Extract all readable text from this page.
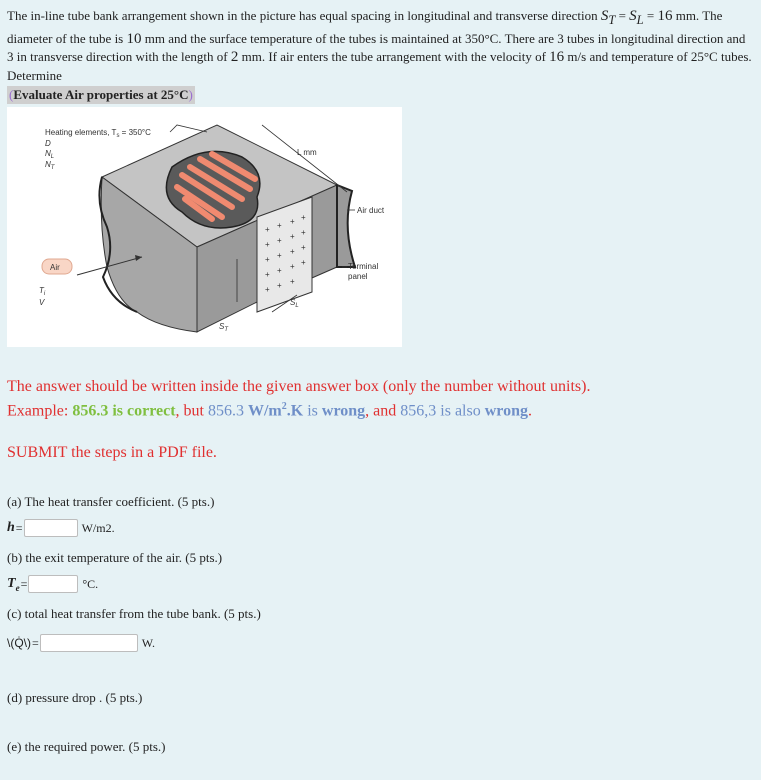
The in-line tube bank arrangement shown in the picture has equal spacing in longitudinal and transverse direction $S_T = S_L = 16$ mm. The diameter of the tube is 10 mm and the surface temperature of the tubes is maintained at 350°C. There are 3 tubes in longitudinal direction and 3 in transverse direction with the length of 2 mm. If air enters the tube arrangement with the velocity of 16 m/s and temperature of 25°C tubes. Determine
(Evaluate Air properties at 25°C)
+ + + +
+ + + +
+ + + +
+ + + +
+ + +
Heating elements, $T_s = 350^\circ C$
D
$N_L$
$N_T$
L mm
Air duct
Air
$T_i$
V
Terminal
panel
$S_T$
$S_L$
The answer should be written inside the given answer box (only the number without units).
Example: 856.3 is correct, but 856.3 $W/m^2.K$ is wrong, and 856,3 is also wrong.
SUBMIT the steps in a PDF file.
(a) The heat transfer coefficient. (5 pts.)
h =	W/m2.
(b) the exit temperature of the air. (5 pts.)
$T_e$ =	°C.
(c) total heat transfer from the tube bank. (5 pts.)
\(Q̇\) =	W.
(d) pressure drop . (5 pts.)
(e) the required power. (5 pts.)
